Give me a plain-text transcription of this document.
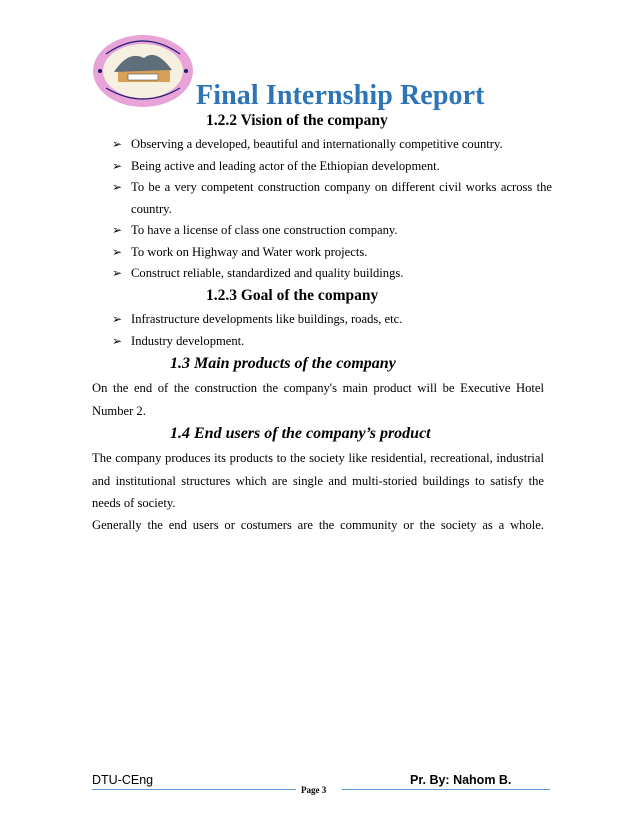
Final Internship Report
1.2.2 Vision of the company
➢ Observing a developed, beautiful and internationally competitive country.
➢ Being active and leading actor of the Ethiopian development.
➢ To be a very competent construction company on different civil works across the country.
➢ To have a license of class one construction company.
➢ To work on Highway and Water work projects.
➢ Construct reliable, standardized and quality buildings.
1.2.3 Goal of the company
➢ Infrastructure developments like buildings, roads, etc.
➢ Industry development.
1.3 Main products of the company
On the end of the construction the company's main product will be Executive Hotel Number 2.
1.4 End users of the company’s product
The company produces its products to the society like residential, recreational, industrial and institutional structures which are single and multi-storied buildings to satisfy the needs of society.
Generally the end users or costumers are the community or the society as a whole.
DTU-CEng
Page 3
Pr. By: Nahom B.
